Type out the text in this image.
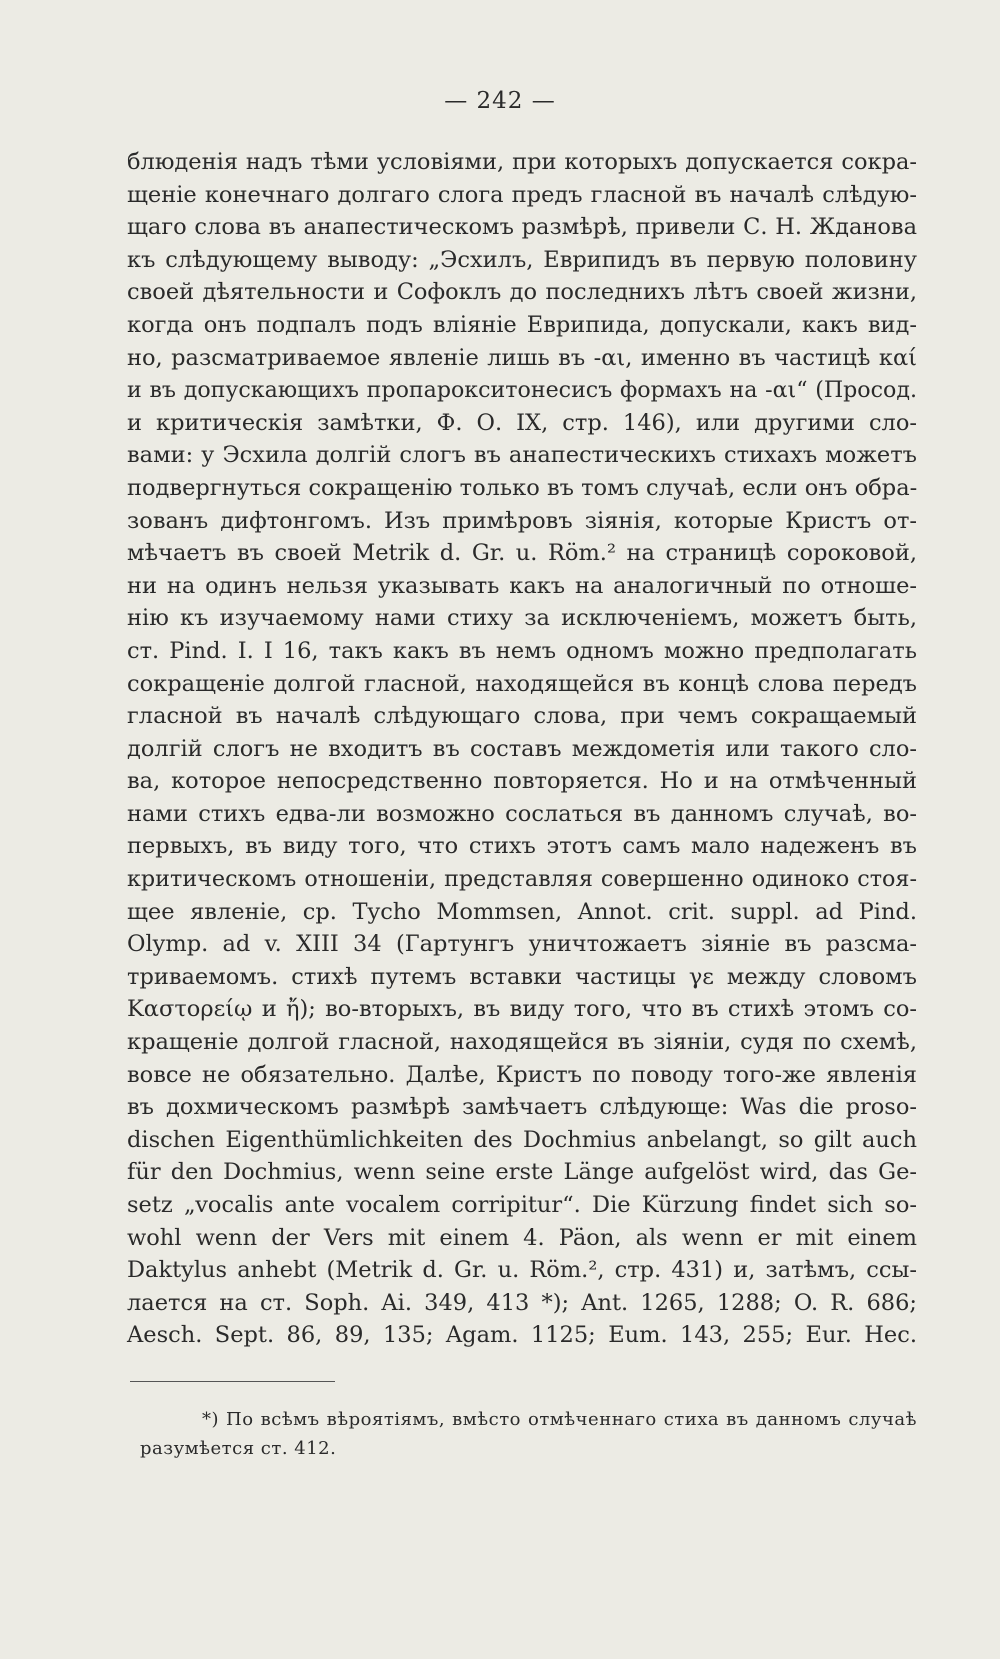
— 242 —
блюденія надъ тѣми условіями, при которыхъ допускается сокра-
щеніе конечнаго долгаго слога предъ гласной въ началѣ слѣдую-
щаго слова въ анапестическомъ размѣрѣ, привели С. Н. Жданова
къ слѣдующему выводу: „Эсхилъ, Еврипидъ въ первую половину
своей дѣятельности и Софоклъ до последнихъ лѣтъ своей жизни,
когда онъ подпалъ подъ вліяніе Еврипида, допускали, какъ вид-
но, разсматриваемое явленіе лишь въ -αι, именно въ частицѣ καί
и въ допускающихъ пропарокситонесисъ формахъ на -αι“ (Просод.
и критическія замѣтки, Ф. О. IX, стр. 146), или другими сло-
вами: у Эсхила долгій слогъ въ анапестическихъ стихахъ можетъ
подвергнуться сокращенію только въ томъ случаѣ, если онъ обра-
зованъ дифтонгомъ. Изъ примѣровъ зіянія, которые Кристъ от-
мѣчаетъ въ своей Metrik d. Gr. u. Röm.² на страницѣ сороковой,
ни на одинъ нельзя указывать какъ на аналогичный по отноше-
нію къ изучаемому нами стиху за исключеніемъ, можетъ быть,
ст. Pind. I. I 16, такъ какъ въ немъ одномъ можно предполагать
сокращеніе долгой гласной, находящейся въ концѣ слова передъ
гласной въ началѣ слѣдующаго слова, при чемъ сокращаемый
долгій слогъ не входитъ въ составъ междометія или такого сло-
ва, которое непосредственно повторяется. Но и на отмѣченный
нами стихъ едва-ли возможно сослаться въ данномъ случаѣ, во-
первыхъ, въ виду того, что стихъ этотъ самъ мало надеженъ въ
критическомъ отношеніи, представляя совершенно одиноко стоя-
щее явленіе, ср. Tycho Mommsen, Annot. crit. suppl. ad Pind.
Olymp. ad v. XIII 34 (Гартунгъ уничтожаетъ зіяніе въ разсма-
триваемомъ. стихѣ путемъ вставки частицы γε между словомъ
Καστορείῳ и ἤ); во-вторыхъ, въ виду того, что въ стихѣ этомъ со-
кращеніе долгой гласной, находящейся въ зіяніи, судя по схемѣ,
вовсе не обязательно. Далѣе, Кристъ по поводу того-же явленія
въ дохмическомъ размѣрѣ замѣчаетъ слѣдующе: Was die proso-
dischen Eigenthümlichkeiten des Dochmius anbelangt, so gilt auch
für den Dochmius, wenn seine erste Länge aufgelöst wird, das Ge-
setz „vocalis ante vocalem corripitur“. Die Kürzung findet sich so-
wohl wenn der Vers mit einem 4. Päon, als wenn er mit einem
Daktylus anhebt (Metrik d. Gr. u. Röm.², стр. 431) и, затѣмъ, ссы-
лается на ст. Soph. Ai. 349, 413 *); Ant. 1265, 1288; O. R. 686;
Aesch. Sept. 86, 89, 135; Agam. 1125; Eum. 143, 255; Eur. Hec.
*) По всѣмъ вѣроятіямъ, вмѣсто отмѣченнаго стиха въ данномъ случаѣ
разумѣется ст. 412.
